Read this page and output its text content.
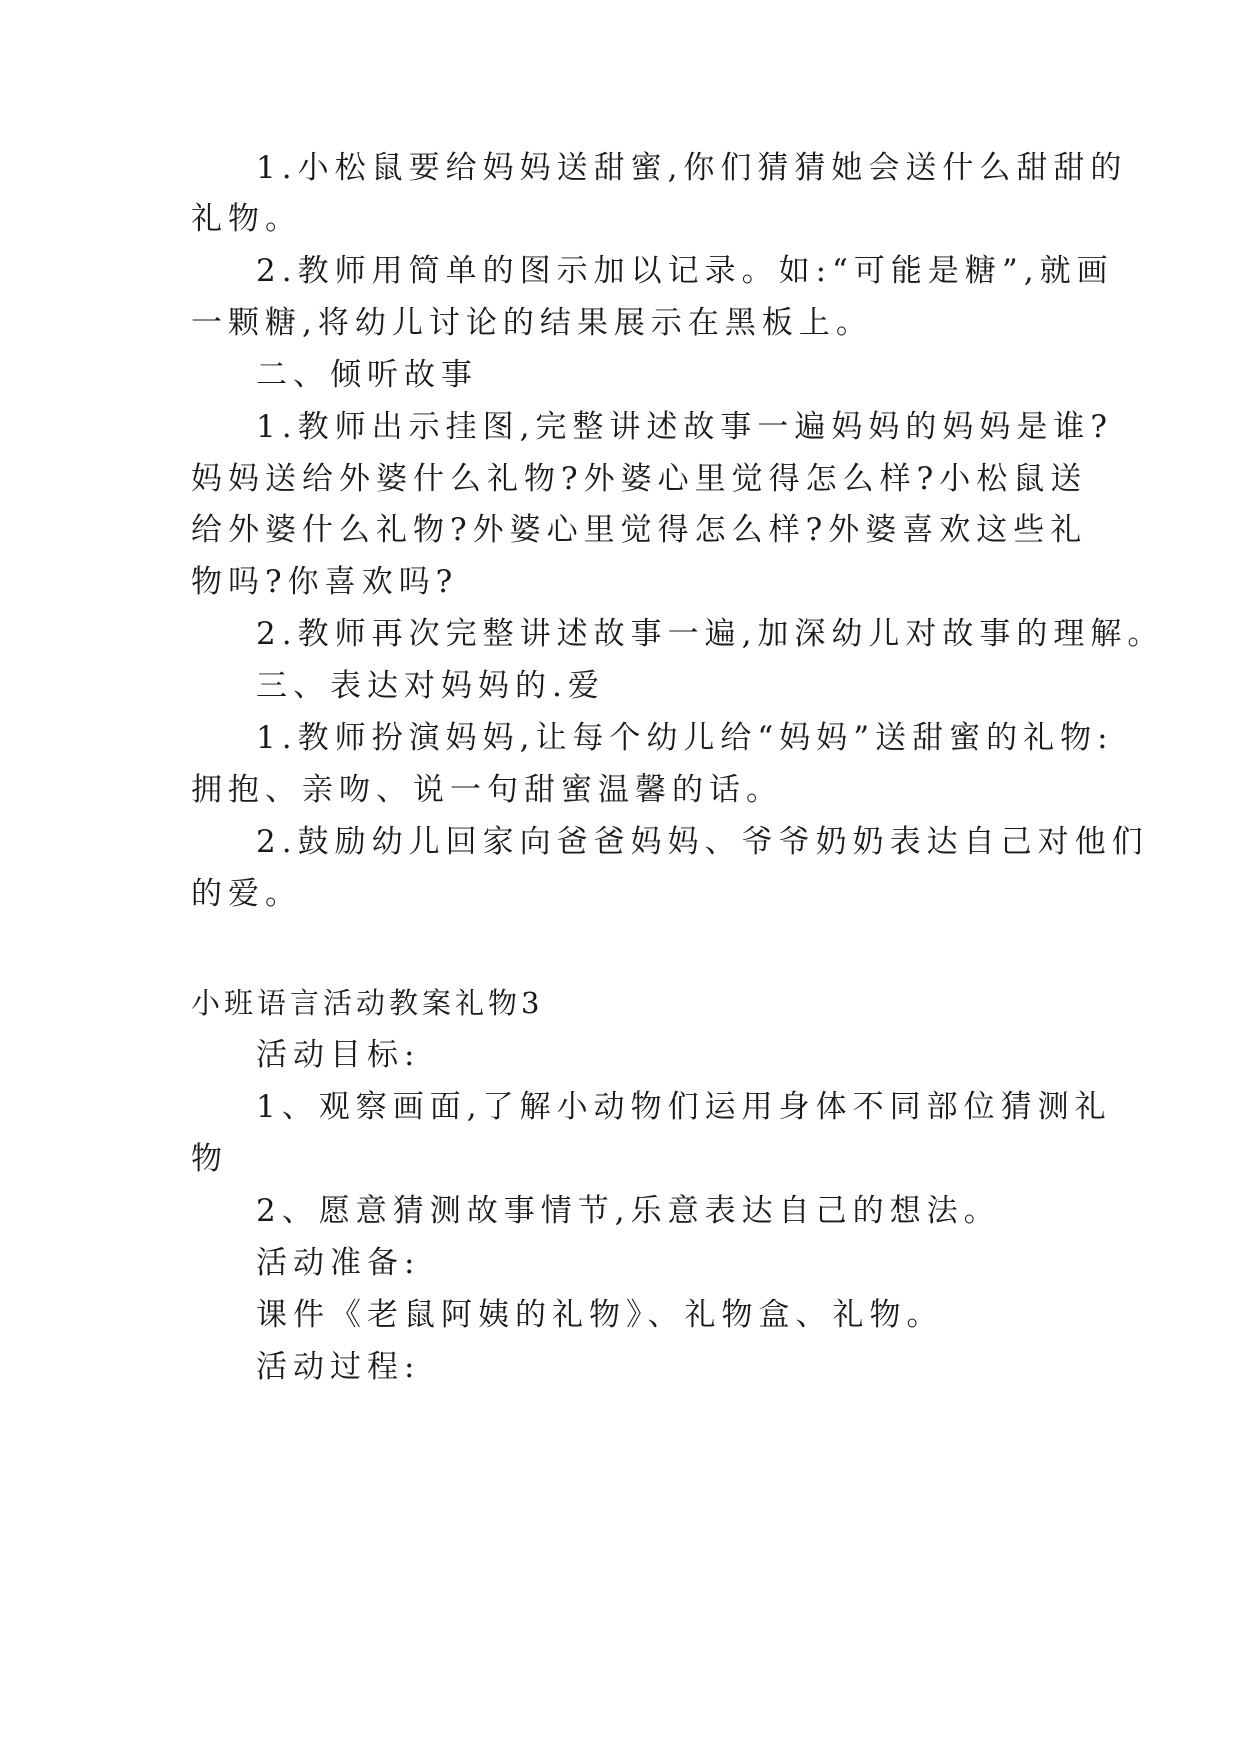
1.小松鼠要给妈妈送甜蜜,你们猜猜她会送什么甜甜的
礼物。
2.教师用简单的图示加以记录。如:“可能是糖”,就画
一颗糖,将幼儿讨论的结果展示在黑板上。
二、倾听故事
1.教师出示挂图,完整讲述故事一遍妈妈的妈妈是谁?
妈妈送给外婆什么礼物?外婆心里觉得怎么样?小松鼠送
给外婆什么礼物?外婆心里觉得怎么样?外婆喜欢这些礼
物吗?你喜欢吗?
2.教师再次完整讲述故事一遍,加深幼儿对故事的理解。
三、表达对妈妈的.爱
1.教师扮演妈妈,让每个幼儿给“妈妈”送甜蜜的礼物:
拥抱、亲吻、说一句甜蜜温馨的话。
2.鼓励幼儿回家向爸爸妈妈、爷爷奶奶表达自己对他们
的爱。
小班语言活动教案礼物3
活动目标:
1、观察画面,了解小动物们运用身体不同部位猜测礼
物
2、愿意猜测故事情节,乐意表达自己的想法。
活动准备:
课件《老鼠阿姨的礼物》、礼物盒、礼物。
活动过程:
